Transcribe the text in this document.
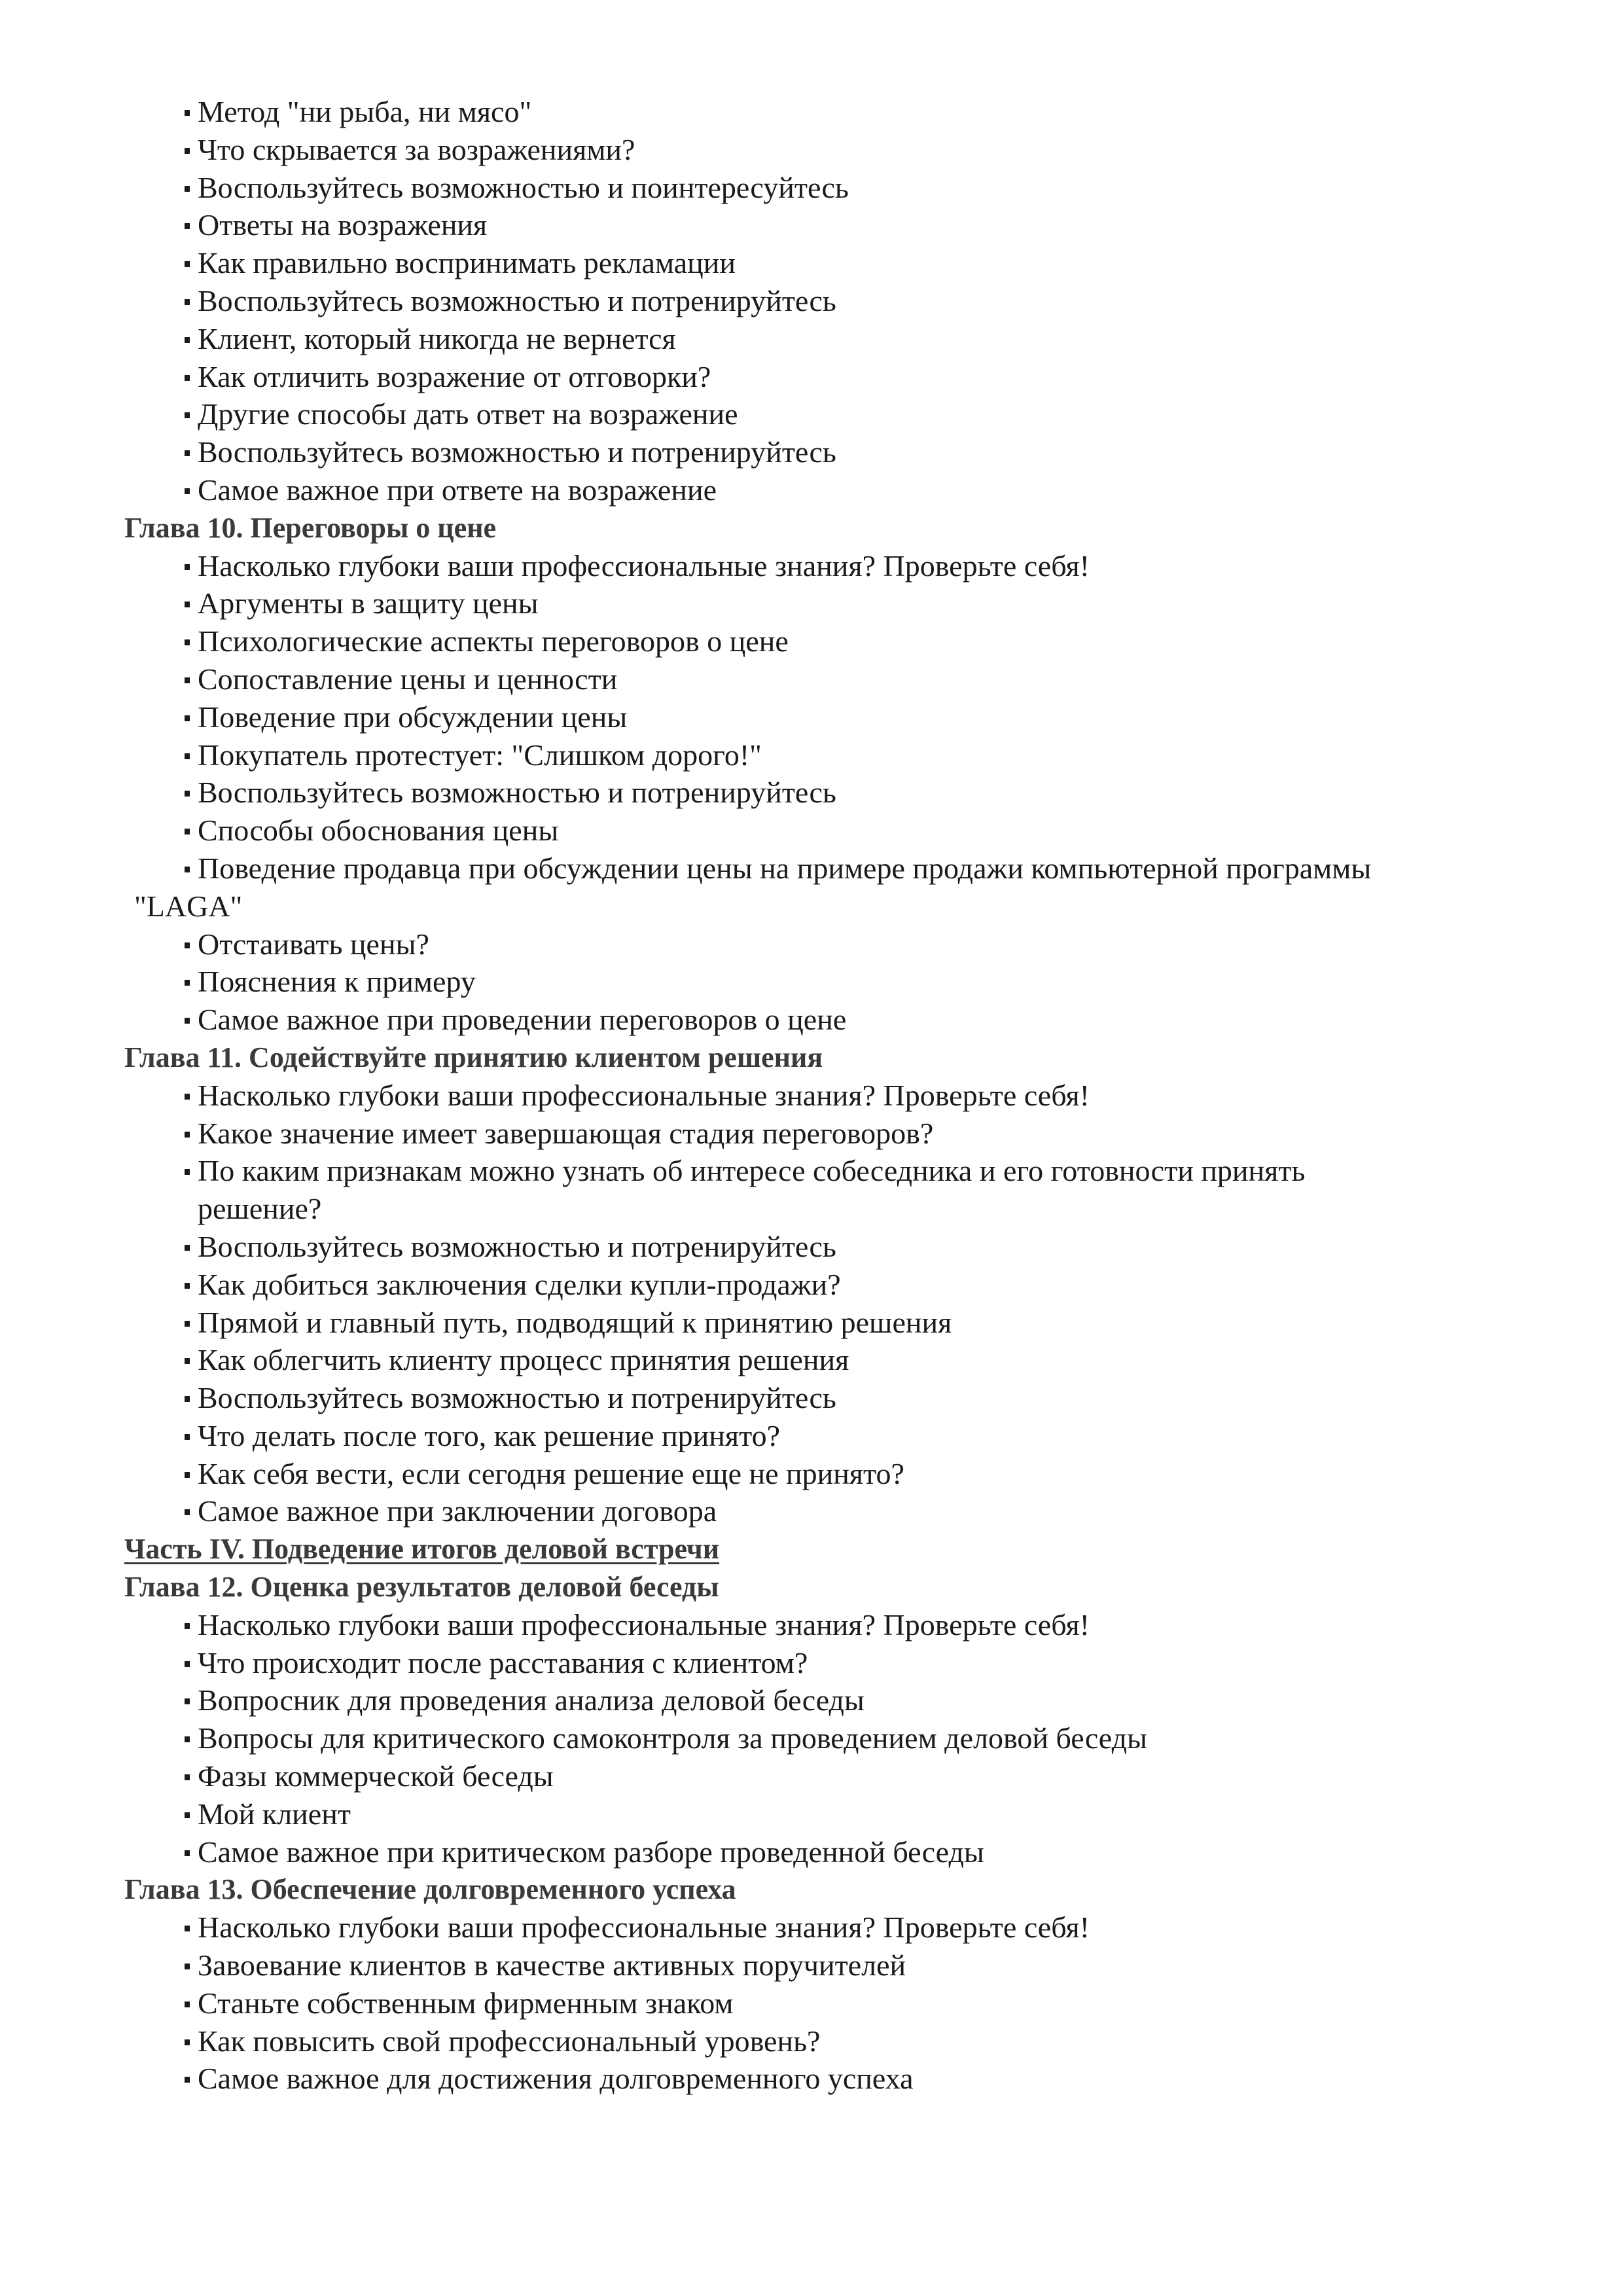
Метод "ни рыба, ни мясо"
Что скрывается за возражениями?
Воспользуйтесь возможностью и поинтересуйтесь
Ответы на возражения
Как правильно воспринимать рекламации
Воспользуйтесь возможностью и потренируйтесь
Клиент, который никогда не вернется
Как отличить возражение от отговорки?
Другие способы дать ответ на возражение
Воспользуйтесь возможностью и потренируйтесь
Самое важное при ответе на возражение
Глава 10. Переговоры о цене
Насколько глубоки ваши профессиональные знания? Проверьте себя!
Аргументы в защиту цены
Психологические аспекты переговоров о цене
Сопоставление цены и ценности
Поведение при обсуждении цены
Покупатель протестует: "Слишком дорого!"
Воспользуйтесь возможностью и потренируйтесь
Способы обоснования цены
Поведение продавца при обсуждении цены на примере продажи компьютерной программы
"LAGA"
Отстаивать цены?
Пояснения к примеру
Самое важное при проведении переговоров о цене
Глава 11. Содействуйте принятию клиентом решения
Насколько глубоки ваши профессиональные знания? Проверьте себя!
Какое значение имеет завершающая стадия переговоров?
По каким признакам можно узнать об интересе собеседника и его готовности принять
решение?
Воспользуйтесь возможностью и потренируйтесь
Как добиться заключения сделки купли-продажи?
Прямой и главный путь, подводящий к принятию решения
Как облегчить клиенту процесс принятия решения
Воспользуйтесь возможностью и потренируйтесь
Что делать после того, как решение принято?
Как себя вести, если сегодня решение еще не принято?
Самое важное при заключении договора
Часть IV. Подведение итогов деловой встречи
Глава 12. Оценка результатов деловой беседы
Насколько глубоки ваши профессиональные знания? Проверьте себя!
Что происходит после расставания с клиентом?
Вопросник для проведения анализа деловой беседы
Вопросы для критического самоконтроля за проведением деловой беседы
Фазы коммерческой беседы
Мой клиент
Самое важное при критическом разборе проведенной беседы
Глава 13. Обеспечение долговременного успеха
Насколько глубоки ваши профессиональные знания? Проверьте себя!
Завоевание клиентов в качестве активных поручителей
Станьте собственным фирменным знаком
Как повысить свой профессиональный уровень?
Самое важное для достижения долговременного успеха
